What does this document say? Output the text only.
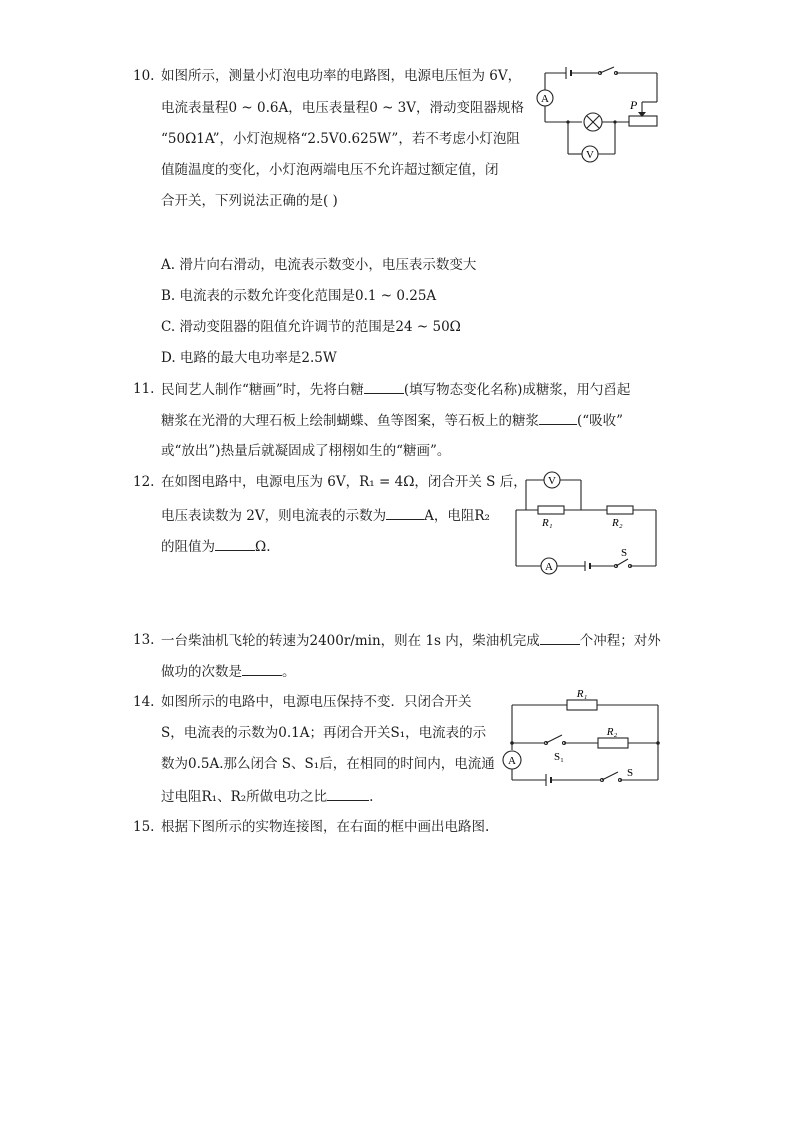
10. 如图所示，测量小灯泡电功率的电路图，电源电压恒为 6V，
电流表量程0 ~ 0.6A，电压表量程0 ~ 3V，滑动变阻器规格
“50Ω1A”，小灯泡规格“2.5V0.625W”，若不考虑小灯泡阻
值随温度的变化，小灯泡两端电压不允许超过额定值，闭
合开关，下列说法正确的是( )
A
V
P
A. 滑片向右滑动，电流表示数变小，电压表示数变大
B. 电流表的示数允许变化范围是0.1 ~ 0.25A
C. 滑动变阻器的阻值允许调节的范围是24 ~ 50Ω
D. 电路的最大电功率是2.5W
11. 民间艺人制作“糖画”时，先将白糖	(填写物态变化名称)成糖浆，用勺舀起
糖浆在光滑的大理石板上绘制蝴蝶、鱼等图案，等石板上的糖浆	(“吸收”
或“放出”)热量后就凝固成了栩栩如生的“糖画”。
12. 在如图电路中，电源电压为 6V，R₁ = 4Ω，闭合开关 S 后，
电压表读数为 2V，则电流表的示数为	A，电阻R₂
的阻值为	Ω.
V
A
R₁	R₂
S
13. 一台柴油机飞轮的转速为2400r/min，则在 1s 内，柴油机完成	个冲程；对外
做功的次数是	。
14. 如图所示的电路中，电源电压保持不变．只闭合开关
S，电流表的示数为0.1A；再闭合开关S₁，电流表的示
数为0.5A.那么闭合 S、S₁后，在相同的时间内，电流通
过电阻R₁、R₂所做电功之比	.
R₁
R₂
A	S₁
S
15. 根据下图所示的实物连接图，在右面的框中画出电路图.
